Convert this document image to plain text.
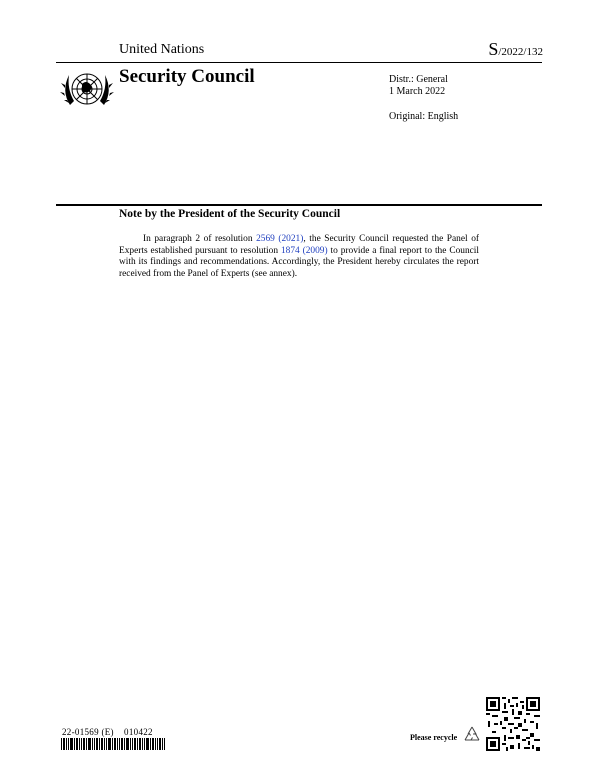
United Nations	S/2022/132
Security Council	Distr.: General
1 March 2022
Original: English
Note by the President of the Security Council
In paragraph 2 of resolution 2569 (2021), the Security Council requested the Panel of Experts established pursuant to resolution 1874 (2009) to provide a final report to the Council with its findings and recommendations. Accordingly, the President hereby circulates the report received from the Panel of Experts (see annex).
22-01569 (E)    010422
Please recycle
